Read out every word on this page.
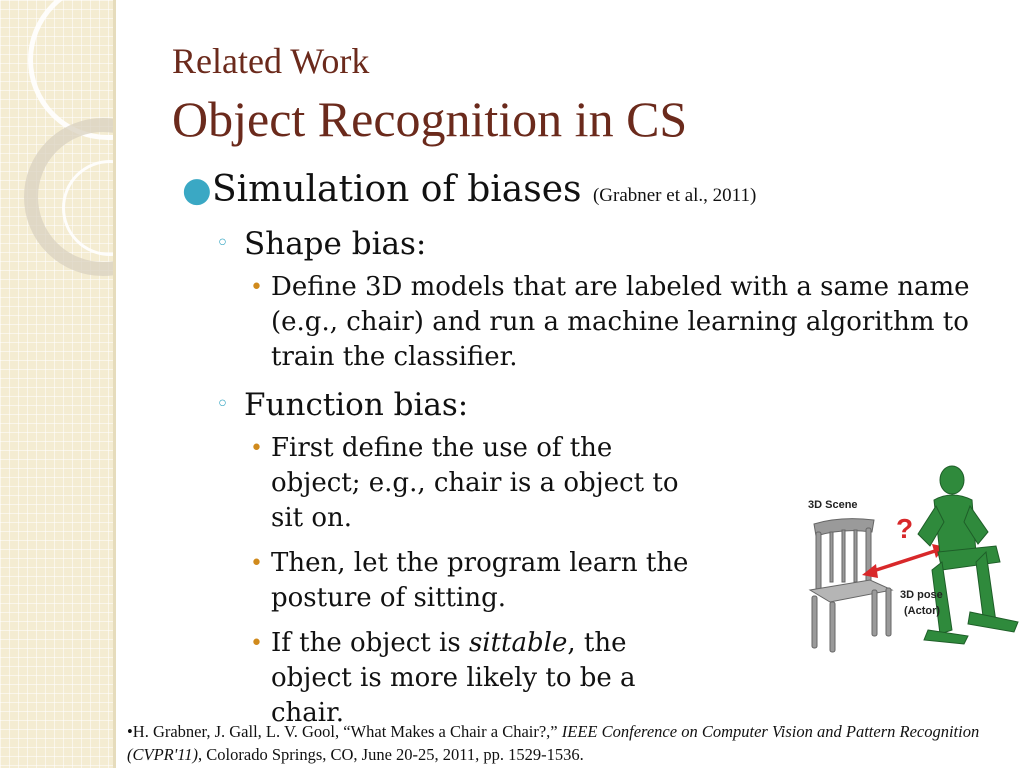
Related Work
Object Recognition in CS
● Simulation of biases (Grabner et al., 2011)
◦ Shape bias:
• Define 3D models that are labeled with a same name (e.g., chair) and run a machine learning algorithm to train the classifier.
◦ Function bias:
• First define the use of the object; e.g., chair is a object to sit on.
• Then, let the program learn the posture of sitting.
• If the object is sittable, the object is more likely to be a chair.
3D Scene
?
3D pose
(Actor)

•H. Grabner, J. Gall, L. V. Gool, “What Makes a Chair a Chair?,” IEEE Conference on Computer Vision and Pattern Recognition (CVPR'11), Colorado Springs, CO, June 20-25, 2011, pp. 1529-1536.
